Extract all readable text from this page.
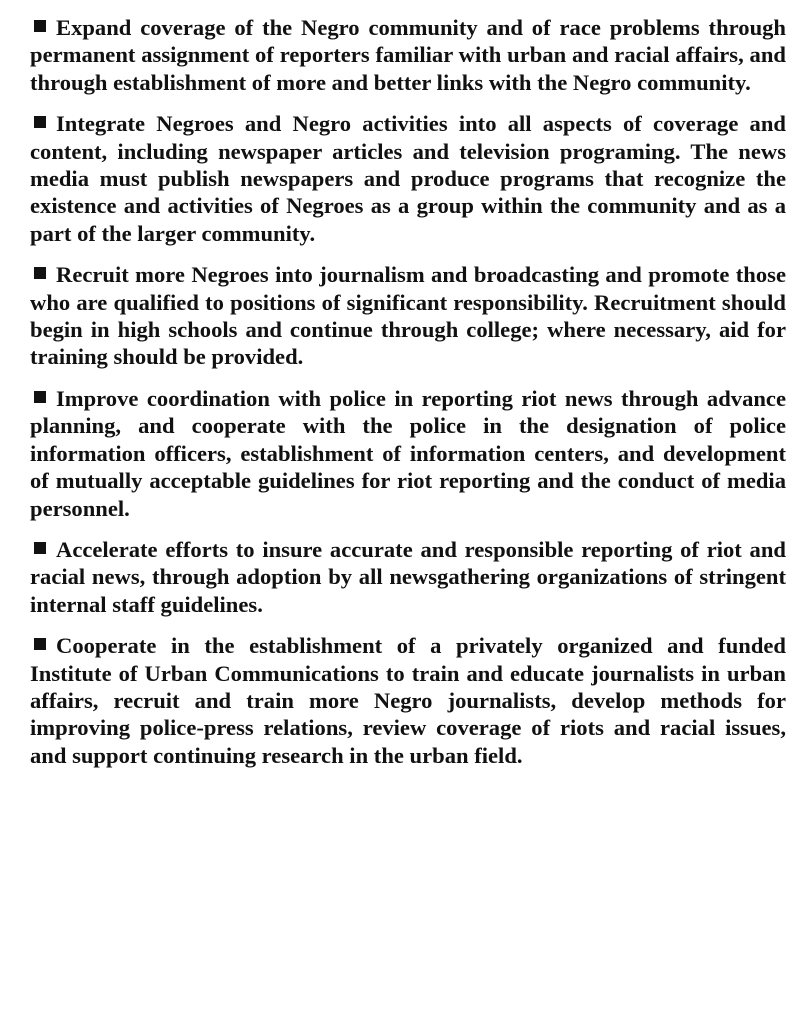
Expand coverage of the Negro community and of race problems through permanent assignment of reporters familiar with urban and racial affairs, and through establishment of more and better links with the Negro community.

Integrate Negroes and Negro activities into all aspects of coverage and content, including newspaper articles and television programing. The news media must publish newspapers and produce programs that recognize the existence and activities of Negroes as a group within the community and as a part of the larger community.

Recruit more Negroes into journalism and broadcasting and promote those who are qualified to positions of significant responsibility. Recruitment should begin in high schools and continue through college; where necessary, aid for training should be provided.

Improve coordination with police in reporting riot news through advance planning, and cooperate with the police in the designation of police information officers, establishment of information centers, and development of mutually acceptable guidelines for riot reporting and the conduct of media personnel.

Accelerate efforts to insure accurate and responsible reporting of riot and racial news, through adoption by all newsgathering organizations of stringent internal staff guidelines.

Cooperate in the establishment of a privately organized and funded Institute of Urban Communications to train and educate journalists in urban affairs, recruit and train more Negro journalists, develop methods for improving police-press relations, review coverage of riots and racial issues, and support continuing research in the urban field.
